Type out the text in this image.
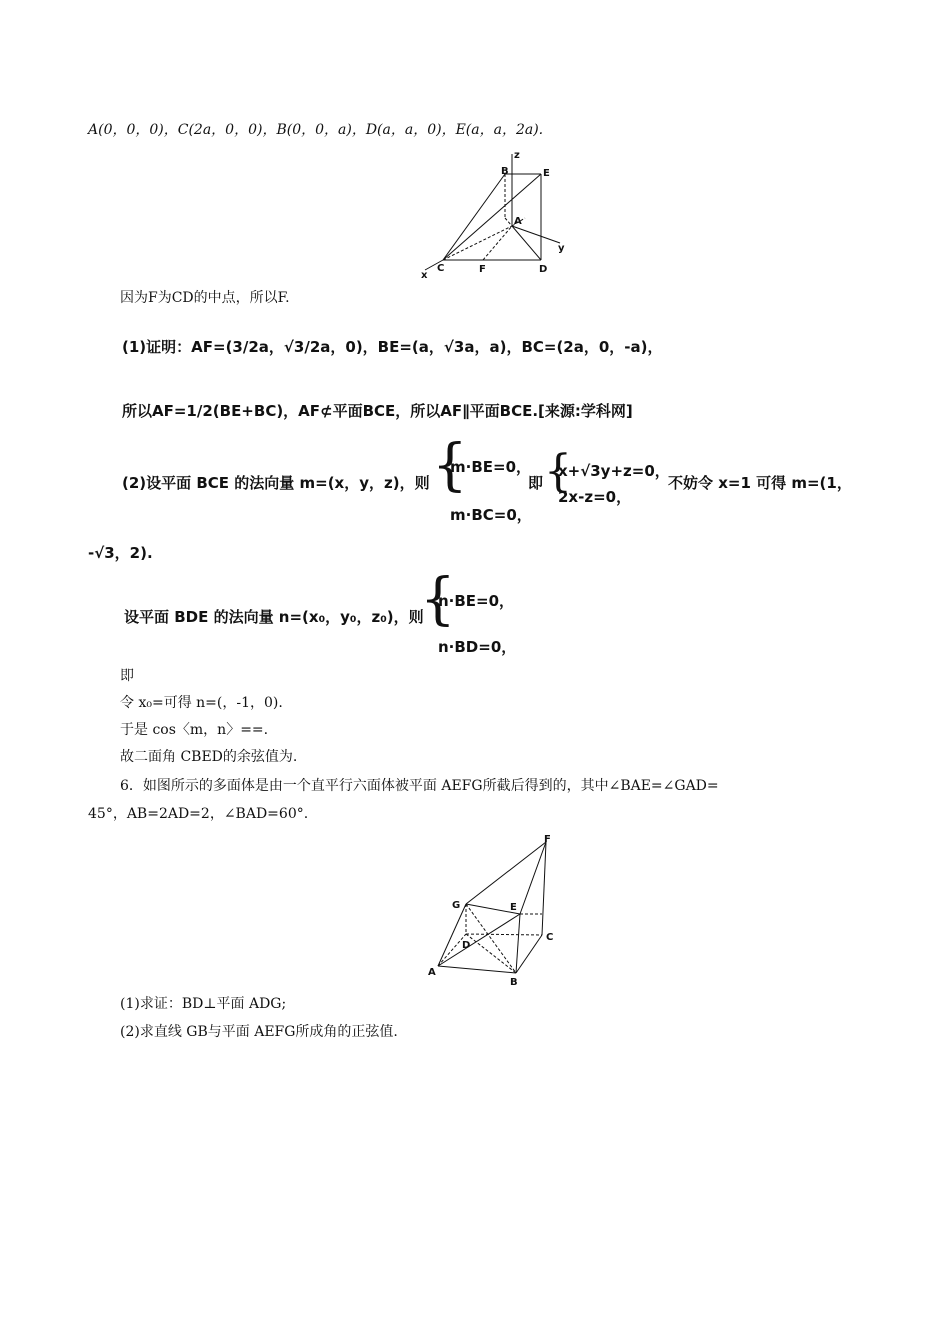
A(0，0，0)，C(2a，0，0)，B(0，0，a)，D(a，a，0)，E(a，a，2a).
B
z
E
A
y
x
C	F	D
因为F为CD的中点，所以F.
(1)证明：AF=(3/2a，√3/2a，0)，BE=(a，√3a，a)，BC=(2a，0，-a)，
所以AF=1/2(BE+BC)，AF⊄平面BCE，所以AF∥平面BCE.[来源:学科网]
(2)设平面 BCE 的法向量 m=(x，y，z)，则 {
m·BE=0，
m·BC=0，
即 {
x+√3y+z=0，
2x-z=0，
不妨令 x=1 可得 m=(1，
-√3，2).
设平面 BDE 的法向量 n=(x₀，y₀，z₀)，则
{
n·BE=0，
n·BD=0，
即
令 x₀=可得 n=(，-1，0).
于是 cos〈m，n〉==.
故二面角 CBED的余弦值为.
6．如图所示的多面体是由一个直平行六面体被平面 AEFG所截后得到的，其中∠BAE=∠GAD=
45°，AB=2AD=2，∠BAD=60°.
F
G	E
D
C
A
B
(1)求证：BD⊥平面 ADG;
(2)求直线 GB与平面 AEFG所成角的正弦值.
